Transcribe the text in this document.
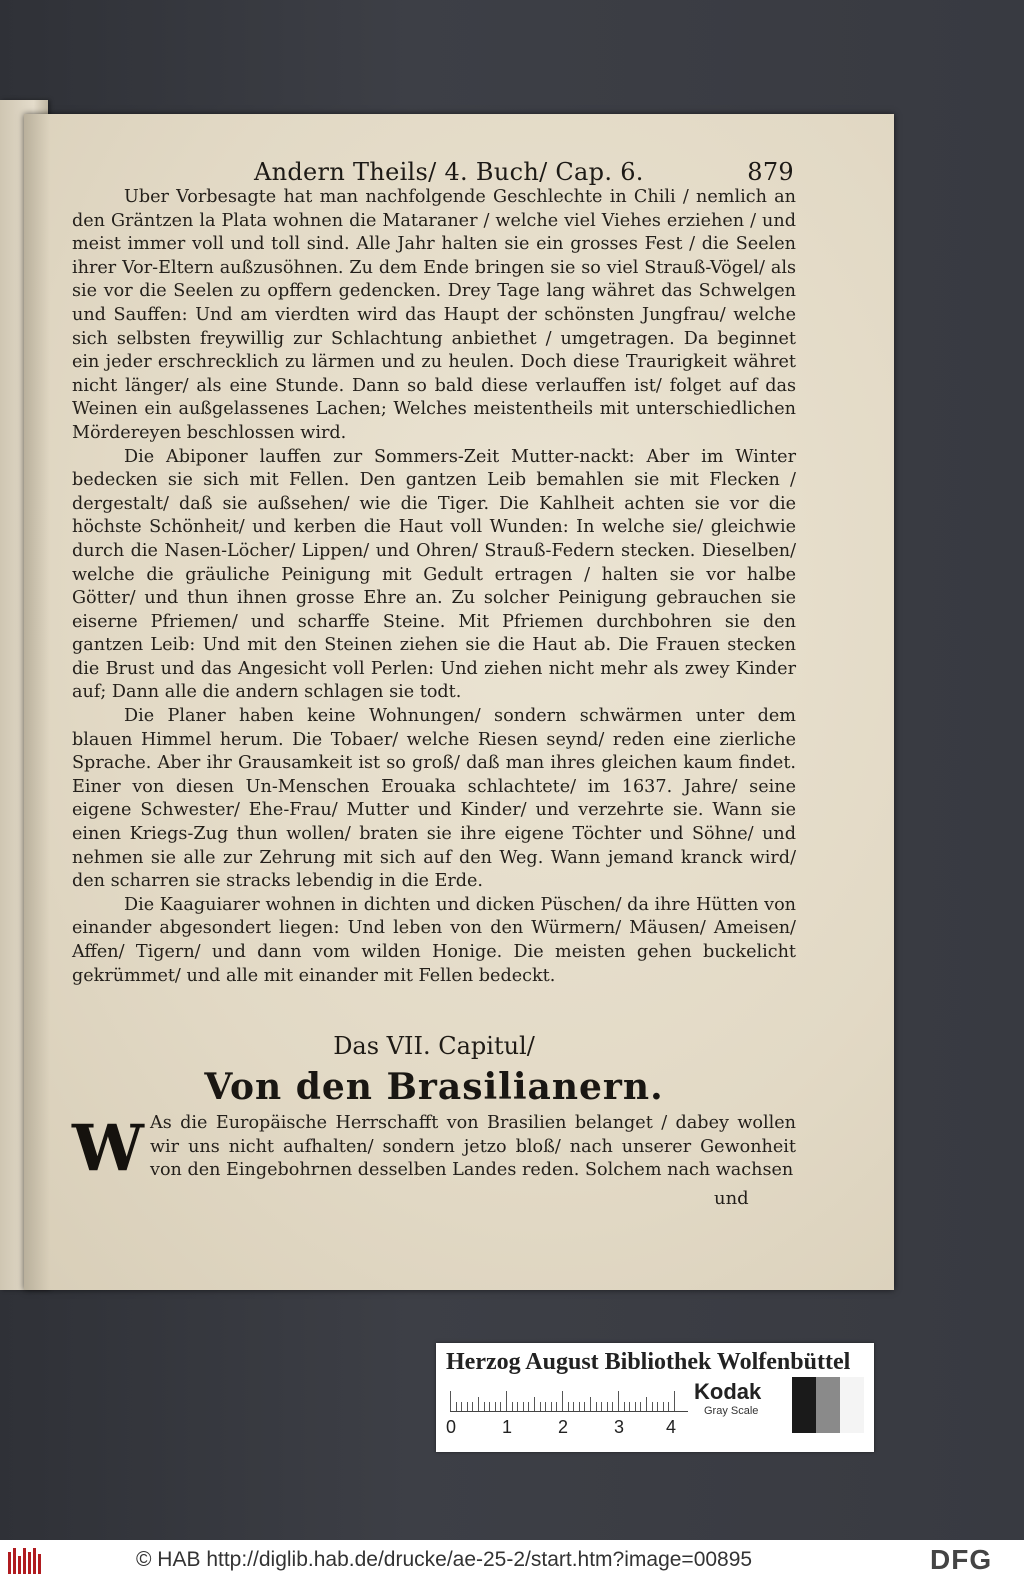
Andern Theils/ 4. Buch/ Cap. 6.	879

Uber Vorbesagte hat man nachfolgende Geschlechte in Chili / nemlich an den Gräntzen la Plata wohnen die Mataraner / welche viel Viehes erziehen / und meist immer voll und toll sind. Alle Jahr halten sie ein grosses Fest / die Seelen ihrer Vor-Eltern außzusöhnen. Zu dem Ende bringen sie so viel Strauß-Vögel/ als sie vor die Seelen zu opffern gedencken. Drey Tage lang währet das Schwelgen und Sauffen: Und am vierdten wird das Haupt der schönsten Jungfrau/ welche sich selbsten freywillig zur Schlachtung anbiethet / umgetragen. Da beginnet ein jeder erschrecklich zu lärmen und zu heulen. Doch diese Traurigkeit währet nicht länger/ als eine Stunde. Dann so bald diese verlauffen ist/ folget auf das Weinen ein außgelassenes Lachen; Welches meistentheils mit unterschiedlichen Mördereyen beschlossen wird.

Die Abiponer lauffen zur Sommers-Zeit Mutter-nackt: Aber im Winter bedecken sie sich mit Fellen. Den gantzen Leib bemahlen sie mit Flecken / dergestalt/ daß sie außsehen/ wie die Tiger. Die Kahlheit achten sie vor die höchste Schönheit/ und kerben die Haut voll Wunden: In welche sie/ gleichwie durch die Nasen-Löcher/ Lippen/ und Ohren/ Strauß-Federn stecken. Dieselben/ welche die gräuliche Peinigung mit Gedult ertragen / halten sie vor halbe Götter/ und thun ihnen grosse Ehre an. Zu solcher Peinigung gebrauchen sie eiserne Pfriemen/ und scharffe Steine. Mit Pfriemen durchbohren sie den gantzen Leib: Und mit den Steinen ziehen sie die Haut ab. Die Frauen stecken die Brust und das Angesicht voll Perlen: Und ziehen nicht mehr als zwey Kinder auf; Dann alle die andern schlagen sie todt.

Die Planer haben keine Wohnungen/ sondern schwärmen unter dem blauen Himmel herum. Die Tobaer/ welche Riesen seynd/ reden eine zierliche Sprache. Aber ihr Grausamkeit ist so groß/ daß man ihres gleichen kaum findet. Einer von diesen Un-Menschen Erouaka schlachtete/ im 1637. Jahre/ seine eigene Schwester/ Ehe-Frau/ Mutter und Kinder/ und verzehrte sie. Wann sie einen Kriegs-Zug thun wollen/ braten sie ihre eigene Töchter und Söhne/ und nehmen sie alle zur Zehrung mit sich auf den Weg. Wann jemand kranck wird/ den scharren sie stracks lebendig in die Erde.

Die Kaaguiarer wohnen in dichten und dicken Püschen/ da ihre Hütten von einander abgesondert liegen: Und leben von den Würmern/ Mäusen/ Ameisen/ Affen/ Tigern/ und dann vom wilden Honige. Die meisten gehen buckelicht gekrümmet/ und alle mit einander mit Fellen bedeckt.

Das VII. Capitul/
Von den Brasilianern.
W As die Europäische Herrschafft von Brasilien belanget / dabey wollen wir uns nicht aufhalten/ sondern jetzo bloß/ nach unserer Gewonheit von den Eingebohrnen desselben Landes reden. Solchem nach wachsen
und
Herzog August Bibliothek Wolfenbüttel
0	1	2	3 4
Kodak
Gray Scale
© HAB http://diglib.hab.de/drucke/ae-25-2/start.htm?image=00895	DFG
